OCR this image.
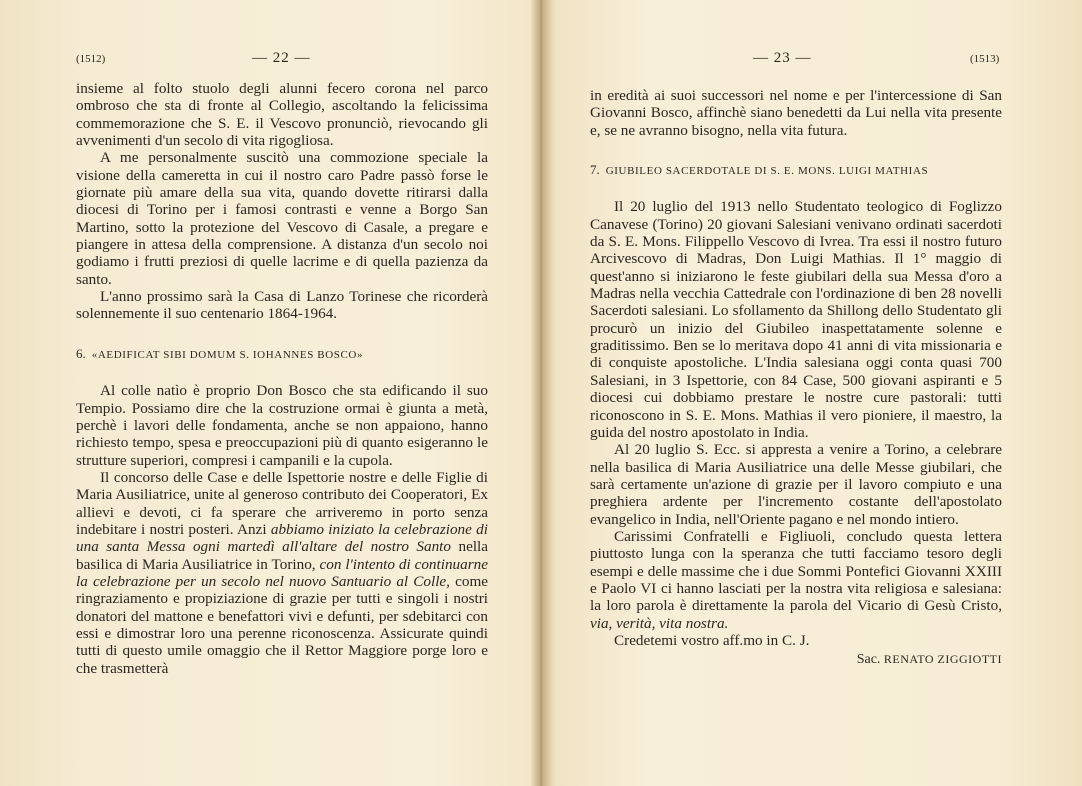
(1512)	— 22 —

insieme al folto stuolo degli alunni fecero corona nel parco ombroso che sta di fronte al Collegio, ascoltando la felicissima commemorazione che S. E. il Vescovo pronunciò, rievocando gli avvenimenti d'un secolo di vita rigogliosa.

A me personalmente suscitò una commozione speciale la visione della cameretta in cui il nostro caro Padre passò forse le giornate più amare della sua vita, quando dovette ritirarsi dalla diocesi di Torino per i famosi contrasti e venne a Borgo San Martino, sotto la protezione del Vescovo di Casale, a pregare e piangere in attesa della comprensione. A distanza d'un secolo noi godiamo i frutti preziosi di quelle lacrime e di quella pazienza da santo.

L'anno prossimo sarà la Casa di Lanzo Torinese che ricorderà solennemente il suo centenario 1864-1964.

6. «AEDIFICAT SIBI DOMUM S. IOHANNES BOSCO»

Al colle natìo è proprio Don Bosco che sta edificando il suo Tempio. Possiamo dire che la costruzione ormai è giunta a metà, perchè i lavori delle fondamenta, anche se non appaiono, hanno richiesto tempo, spesa e preoccupazioni più di quanto esigeranno le strutture superiori, compresi i campanili e la cupola.

Il concorso delle Case e delle Ispettorie nostre e delle Figlie di Maria Ausiliatrice, unite al generoso contributo dei Cooperatori, Ex allievi e devoti, ci fa sperare che arriveremo in porto senza indebitare i nostri posteri. Anzi abbiamo iniziato la celebrazione di una santa Messa ogni martedì all'altare del nostro Santo nella basilica di Maria Ausiliatrice in Torino, con l'intento di continuarne la celebrazione per un secolo nel nuovo Santuario al Colle, come ringraziamento e propiziazione di grazie per tutti e singoli i nostri donatori del mattone e benefattori vivi e defunti, per sdebitarci con essi e dimostrar loro una perenne riconoscenza. Assicurate quindi tutti di questo umile omaggio che il Rettor Maggiore porge loro e che trasmetterà

— 23 —	(1513)

in eredità ai suoi successori nel nome e per l'intercessione di San Giovanni Bosco, affinchè siano benedetti da Lui nella vita presente e, se ne avranno bisogno, nella vita futura.

7. GIUBILEO SACERDOTALE DI S. E. MONS. LUIGI MATHIAS

Il 20 luglio del 1913 nello Studentato teologico di Foglizzo Canavese (Torino) 20 giovani Salesiani venivano ordinati sacerdoti da S. E. Mons. Filippello Vescovo di Ivrea. Tra essi il nostro futuro Arcivescovo di Madras, Don Luigi Mathias. Il 1° maggio di quest'anno si iniziarono le feste giubilari della sua Messa d'oro a Madras nella vecchia Cattedrale con l'ordinazione di ben 28 novelli Sacerdoti salesiani. Lo sfollamento da Shillong dello Studentato gli procurò un inizio del Giubileo inaspettatamente solenne e graditissimo. Ben se lo meritava dopo 41 anni di vita missionaria e di conquiste apostoliche. L'India salesiana oggi conta quasi 700 Salesiani, in 3 Ispettorie, con 84 Case, 500 giovani aspiranti e 5 diocesi cui dobbiamo prestare le nostre cure pastorali: tutti riconoscono in S. E. Mons. Mathias il vero pioniere, il maestro, la guida del nostro apostolato in India.

Al 20 luglio S. Ecc. si appresta a venire a Torino, a celebrare nella basilica di Maria Ausiliatrice una delle Messe giubilari, che sarà certamente un'azione di grazie per il lavoro compiuto e una preghiera ardente per l'incremento costante dell'apostolato evangelico in India, nell'Oriente pagano e nel mondo intiero.

Carissimi Confratelli e Figliuoli, concludo questa lettera piuttosto lunga con la speranza che tutti facciamo tesoro degli esempi e delle massime che i due Sommi Pontefici Giovanni XXIII e Paolo VI ci hanno lasciati per la nostra vita religiosa e salesiana: la loro parola è direttamente la parola del Vicario di Gesù Cristo, via, verità, vita nostra.

Credetemi vostro aff.mo in C. J.

Sac. RENATO ZIGGIOTTI
